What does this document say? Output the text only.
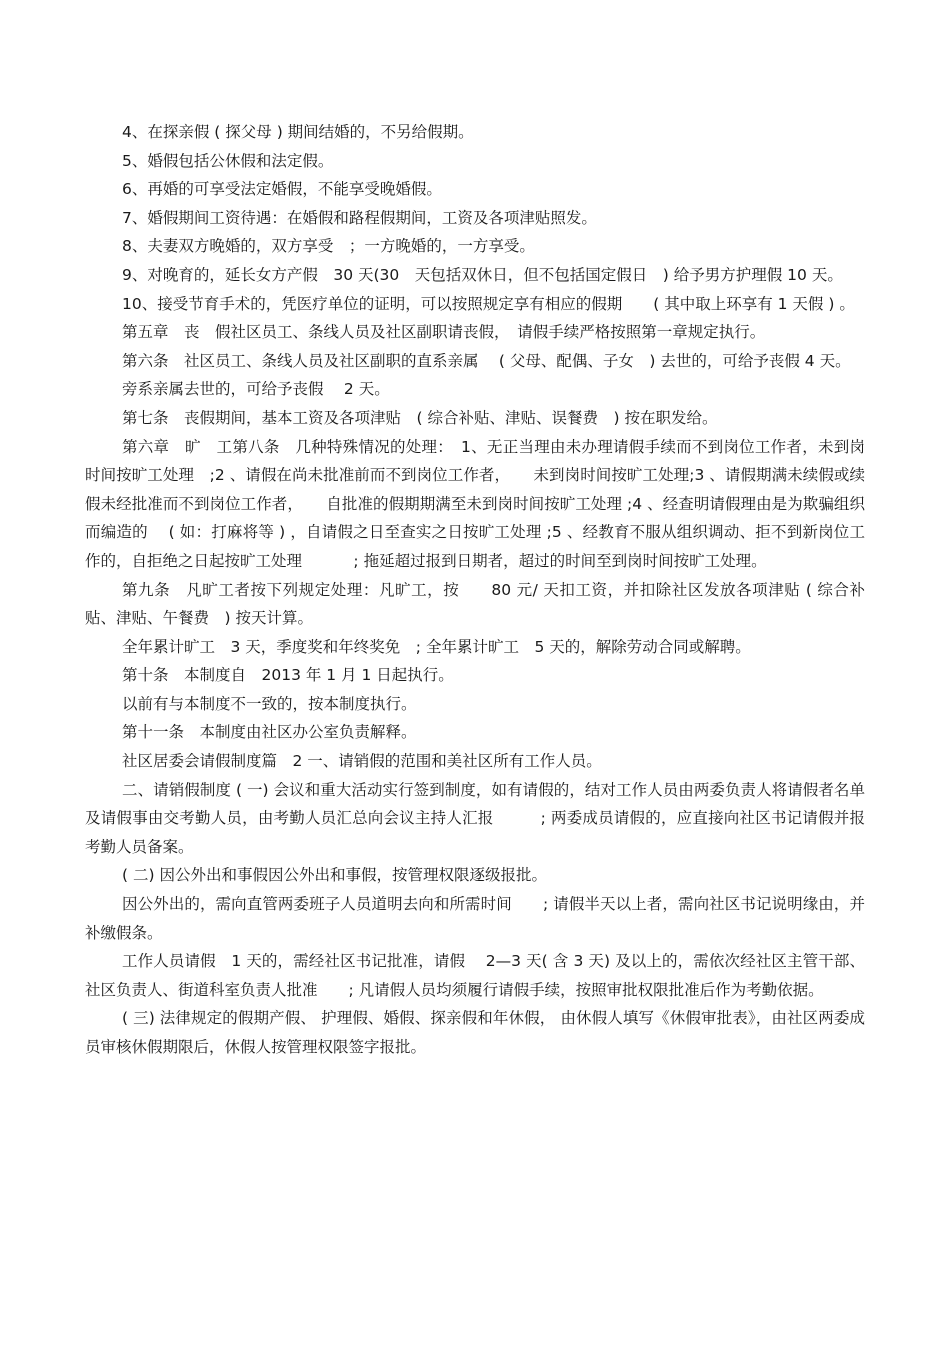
4、在探亲假 ( 探父母 ) 期间结婚的，不另给假期。

5、婚假包括公休假和法定假。

6、再婚的可享受法定婚假，不能享受晚婚假。

7、婚假期间工资待遇：在婚假和路程假期间，工资及各项津贴照发。

8、夫妻双方晚婚的，双方享受　；一方晚婚的，一方享受。

9、对晚育的，延长女方产假　30 天(30　天包括双休日，但不包括国定假日　) 给予男方护理假 10 天。

10、接受节育手术的，凭医疗单位的证明，可以按照规定享有相应的假期　　( 其中取上环享有 1 天假 ) 。

第五章　丧　假社区员工、条线人员及社区副职请丧假，　请假手续严格按照第一章规定执行。

第六条　社区员工、条线人员及社区副职的直系亲属　 ( 父母、配偶、子女　) 去世的，可给予丧假 4 天。

旁系亲属去世的，可给予丧假　 2 天。

第七条　丧假期间，基本工资及各项津贴　( 综合补贴、津贴、误餐费　) 按在职发给。

第六章　旷　工第八条　几种特殊情况的处理：　1、无正当理由未办理请假手续而不到岗位工作者，未到岗时间按旷工处理　;2 、请假在尚未批准前而不到岗位工作者，　　未到岗时间按旷工处理;3 、请假期满未续假或续假未经批准而不到岗位工作者，　　自批准的假期期满至未到岗时间按旷工处理 ;4 、经查明请假理由是为欺骗组织而编造的　 ( 如：打麻将等 ) ，自请假之日至查实之日按旷工处理 ;5 、经教育不服从组织调动、拒不到新岗位工作的，自拒绝之日起按旷工处理　　　 ; 拖延超过报到日期者，超过的时间至到岗时间按旷工处理。

第九条　凡旷工者按下列规定处理：凡旷工，按　　80 元/ 天扣工资，并扣除社区发放各项津贴 ( 综合补贴、津贴、午餐费　) 按天计算。

全年累计旷工　3 天，季度奖和年终奖免　; 全年累计旷工　5 天的，解除劳动合同或解聘。

第十条　本制度自　2013 年 1 月 1 日起执行。

以前有与本制度不一致的，按本制度执行。

第十一条　本制度由社区办公室负责解释。

社区居委会请假制度篇　2 一、请销假的范围和美社区所有工作人员。

二、请销假制度 ( 一) 会议和重大活动实行签到制度，如有请假的，结对工作人员由两委负责人将请假者名单及请假事由交考勤人员，由考勤人员汇总向会议主持人汇报　　　; 两委成员请假的，应直接向社区书记请假并报考勤人员备案。

( 二) 因公外出和事假因公外出和事假，按管理权限逐级报批。

因公外出的，需向直管两委班子人员道明去向和所需时间　　; 请假半天以上者，需向社区书记说明缘由，并补缴假条。

工作人员请假　1 天的，需经社区书记批准，请假　 2—3 天( 含 3 天) 及以上的，需依次经社区主管干部、社区负责人、街道科室负责人批准　　; 凡请假人员均须履行请假手续，按照审批权限批准后作为考勤依据。

( 三) 法律规定的假期产假、 护理假、婚假、探亲假和年休假， 由休假人填写《休假审批表》，由社区两委成员审核休假期限后，休假人按管理权限签字报批。
